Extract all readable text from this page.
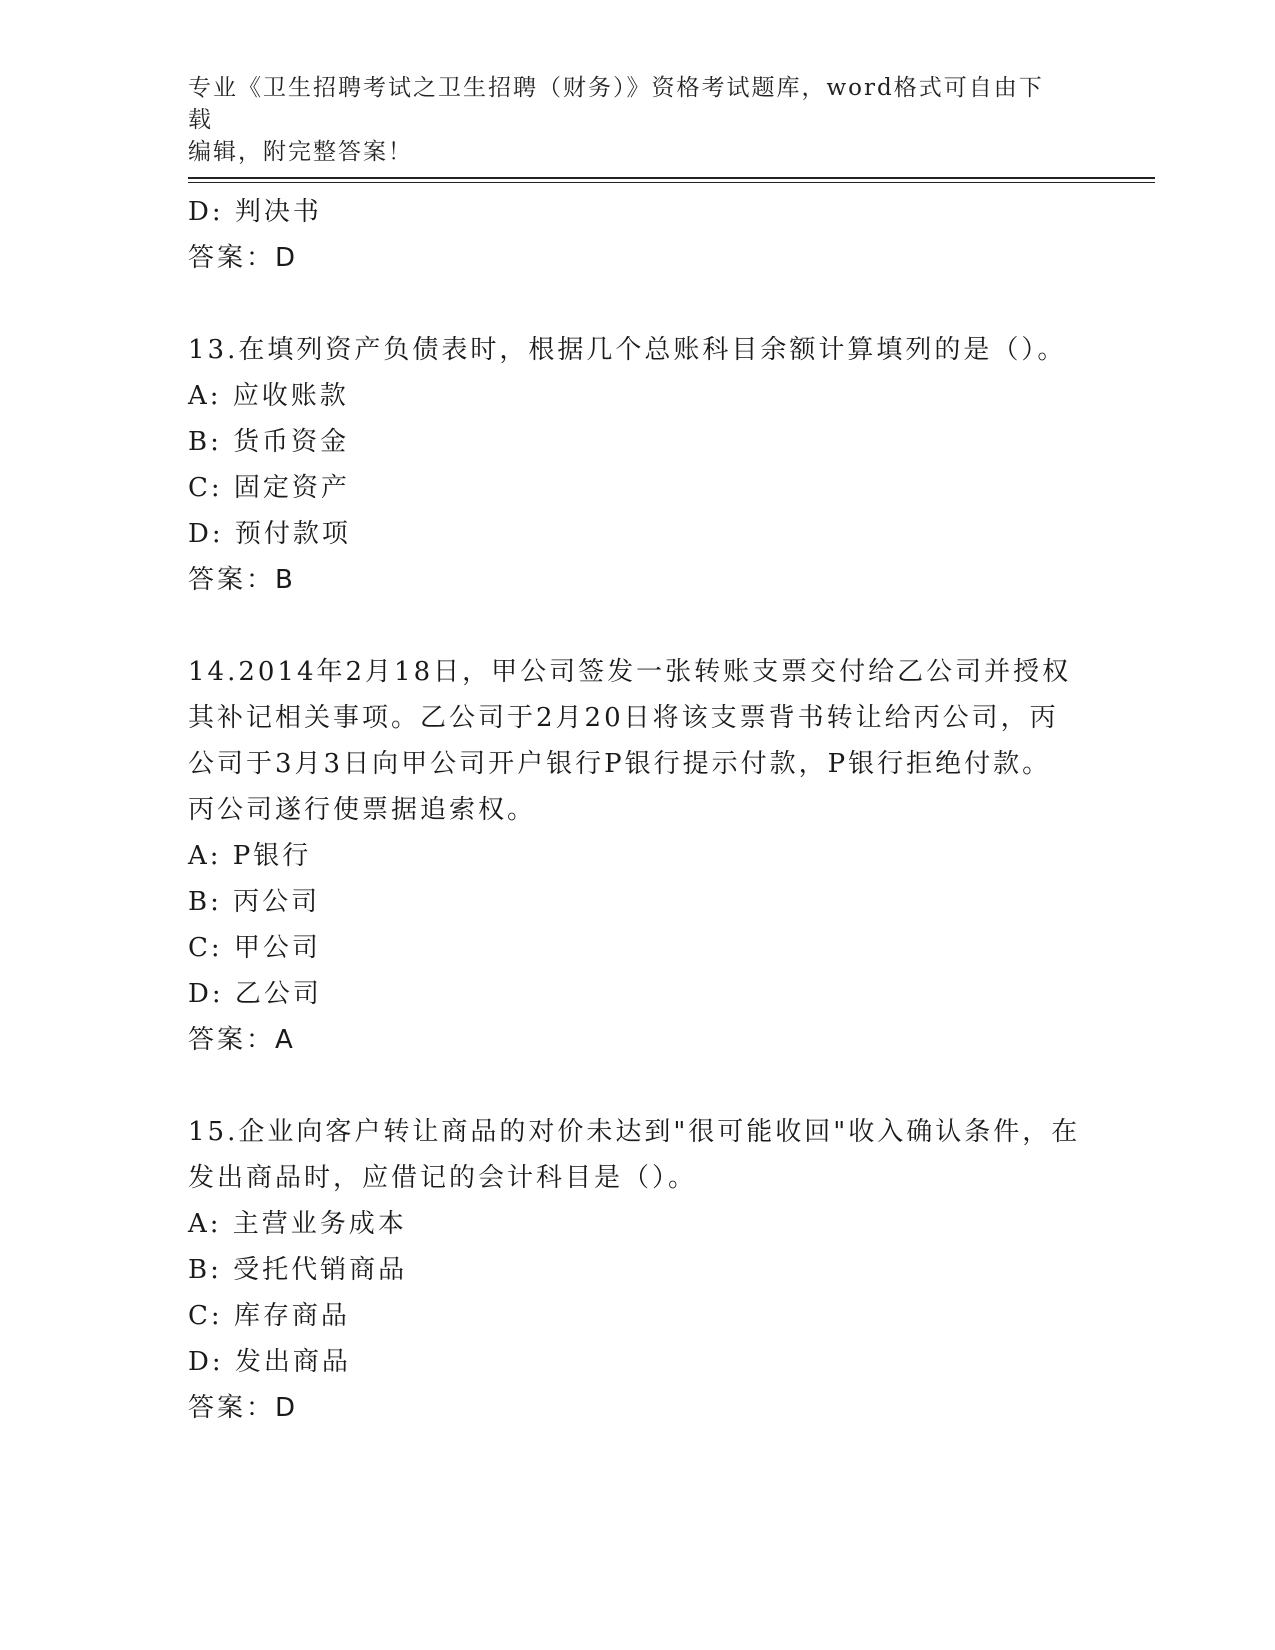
专业《卫生招聘考试之卫生招聘（财务）》资格考试题库，word格式可自由下载
编辑，附完整答案！
D: 判决书
答案：D
13.在填列资产负债表时，根据几个总账科目余额计算填列的是（）。
A: 应收账款
B: 货币资金
C: 固定资产
D: 预付款项
答案：B
14.2014年2月18日，甲公司签发一张转账支票交付给乙公司并授权
其补记相关事项。乙公司于2月20日将该支票背书转让给丙公司，丙
公司于3月3日向甲公司开户银行P银行提示付款，P银行拒绝付款。
丙公司遂行使票据追索权。
A: P银行
B: 丙公司
C: 甲公司
D: 乙公司
答案：A
15.企业向客户转让商品的对价未达到"很可能收回"收入确认条件，在
发出商品时，应借记的会计科目是（）。
A: 主营业务成本
B: 受托代销商品
C: 库存商品
D: 发出商品
答案：D
